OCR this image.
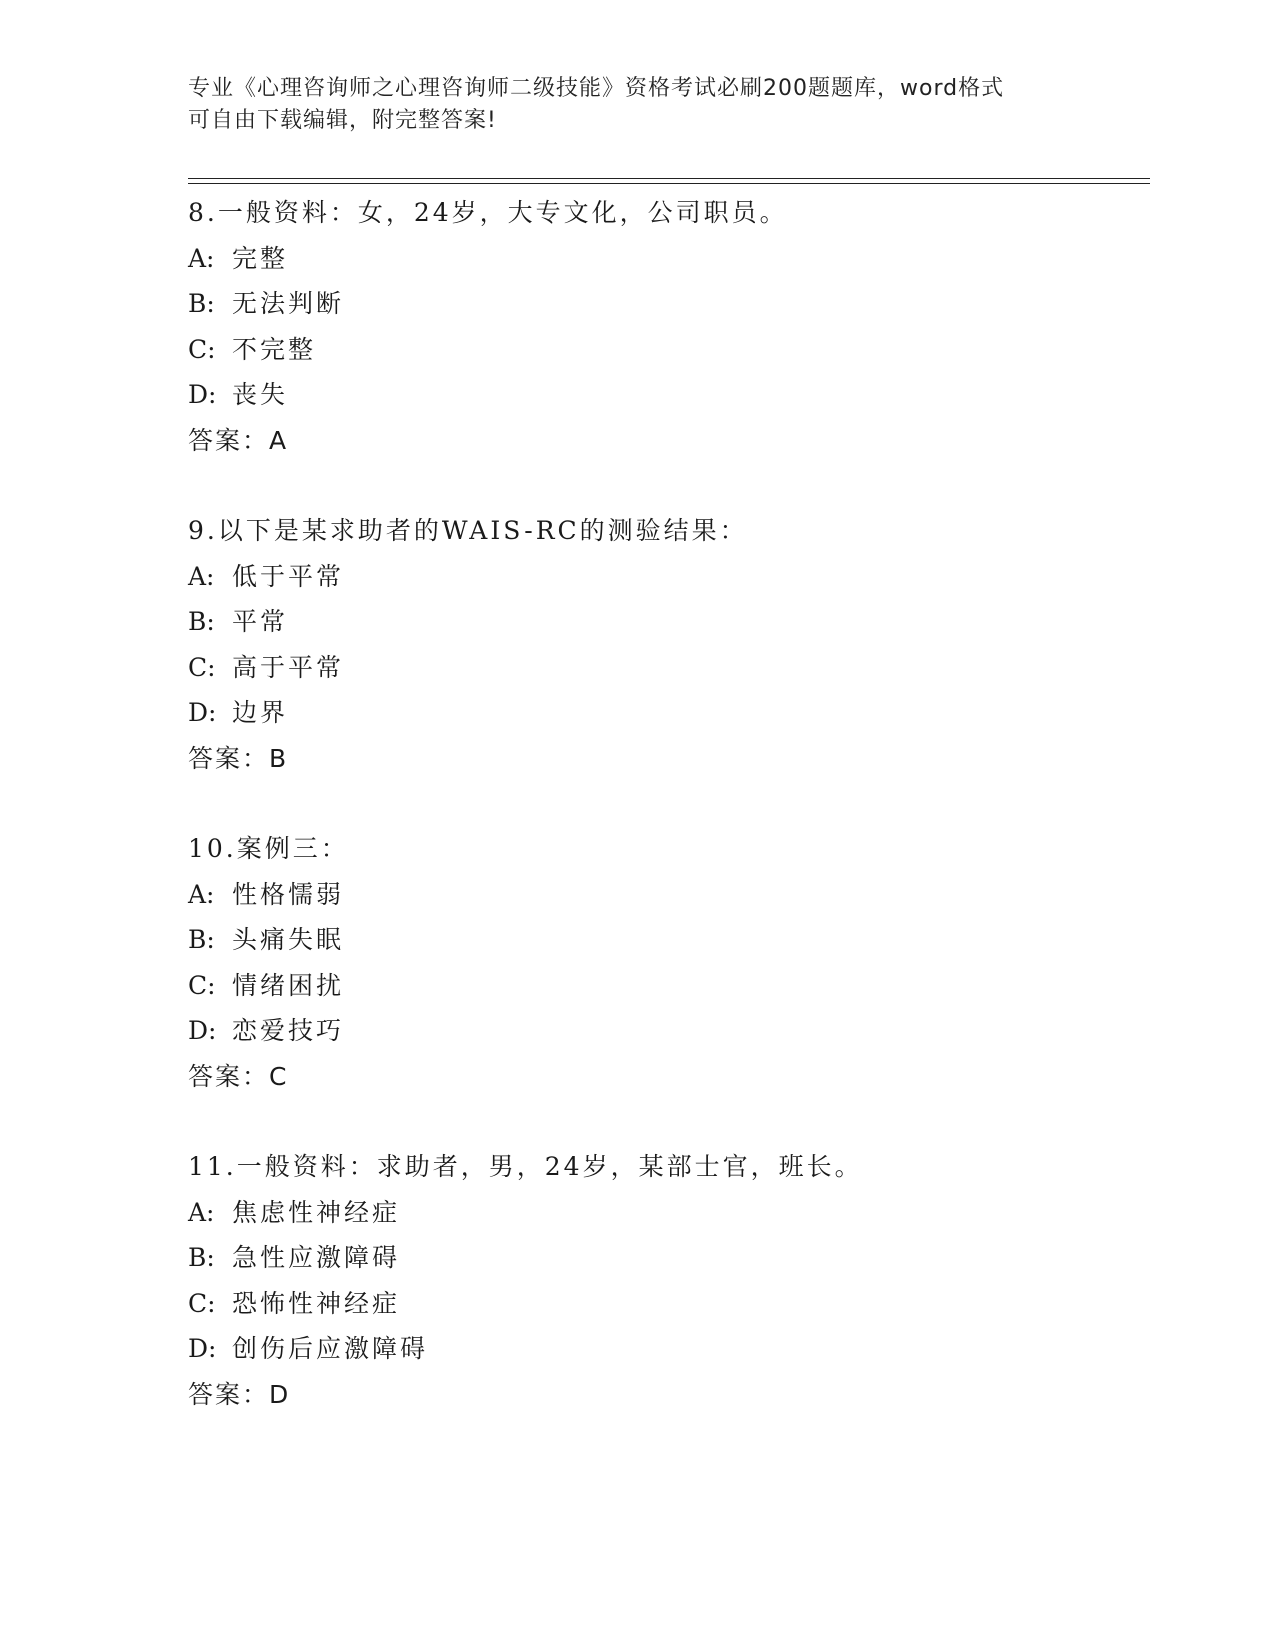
专业《心理咨询师之心理咨询师二级技能》资格考试必刷200题题库，word格式

可自由下载编辑，附完整答案!

8.一般资料：女，24岁，大专文化，公司职员。
A: 完整
B: 无法判断
C: 不完整
D: 丧失
答案：A
9.以下是某求助者的WAIS-RC的测验结果：
A: 低于平常
B: 平常
C: 高于平常
D: 边界
答案：B
10.案例三：
A: 性格懦弱
B: 头痛失眠
C: 情绪困扰
D: 恋爱技巧
答案：C
11.一般资料：求助者，男，24岁，某部士官，班长。
A: 焦虑性神经症
B: 急性应激障碍
C: 恐怖性神经症
D: 创伤后应激障碍
答案：D
